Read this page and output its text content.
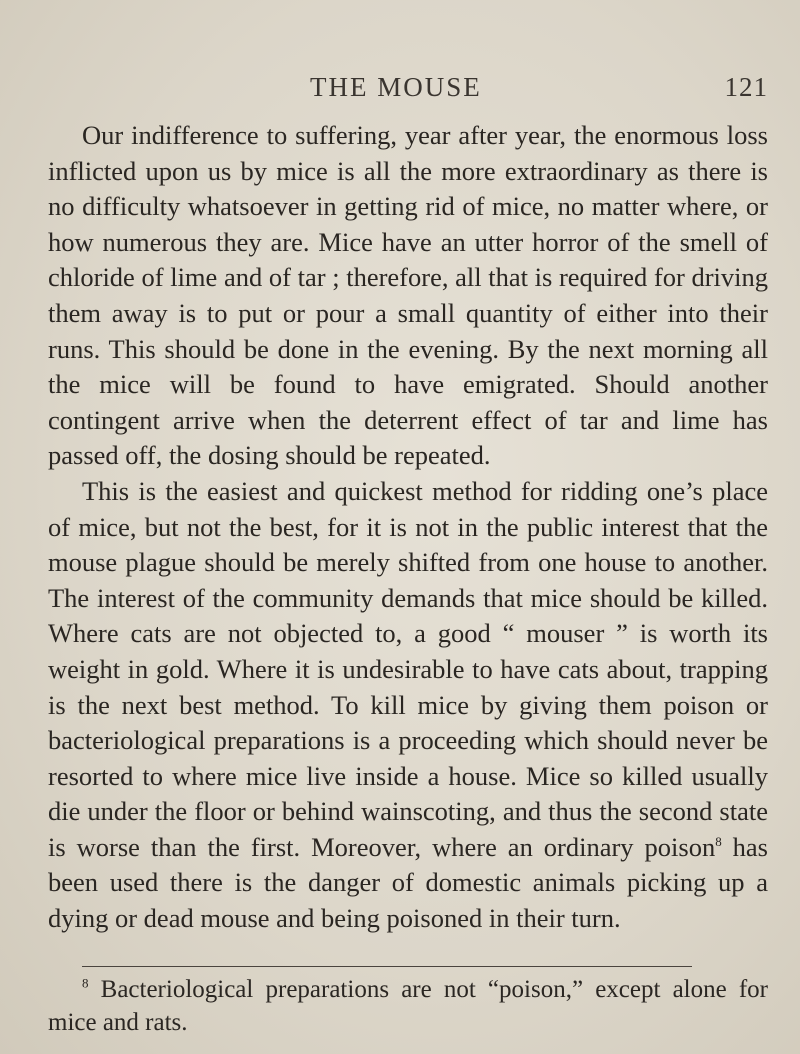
THE MOUSE	121

Our indifference to suffering, year after year, the enormous loss inflicted upon us by mice is all the more extraordinary as there is no difficulty whatsoever in getting rid of mice, no matter where, or how numerous they are. Mice have an utter horror of the smell of chloride of lime and of tar ; therefore, all that is required for driving them away is to put or pour a small quantity of either into their runs. This should be done in the evening. By the next morning all the mice will be found to have emigrated. Should another contingent arrive when the deterrent effect of tar and lime has passed off, the dosing should be repeated.

This is the easiest and quickest method for ridding one’s place of mice, but not the best, for it is not in the public interest that the mouse plague should be merely shifted from one house to another. The interest of the community demands that mice should be killed. Where cats are not objected to, a good “ mouser ” is worth its weight in gold. Where it is undesirable to have cats about, trapping is the next best method. To kill mice by giving them poison or bacteriological preparations is a proceeding which should never be resorted to where mice live inside a house. Mice so killed usually die under the floor or behind wainscoting, and thus the second state is worse than the first. Moreover, where an ordinary poison$^8$ has been used there is the danger of domestic animals picking up a dying or dead mouse and being poisoned in their turn.

$^8$ Bacteriological preparations are not “poison,” except alone for mice and rats.
